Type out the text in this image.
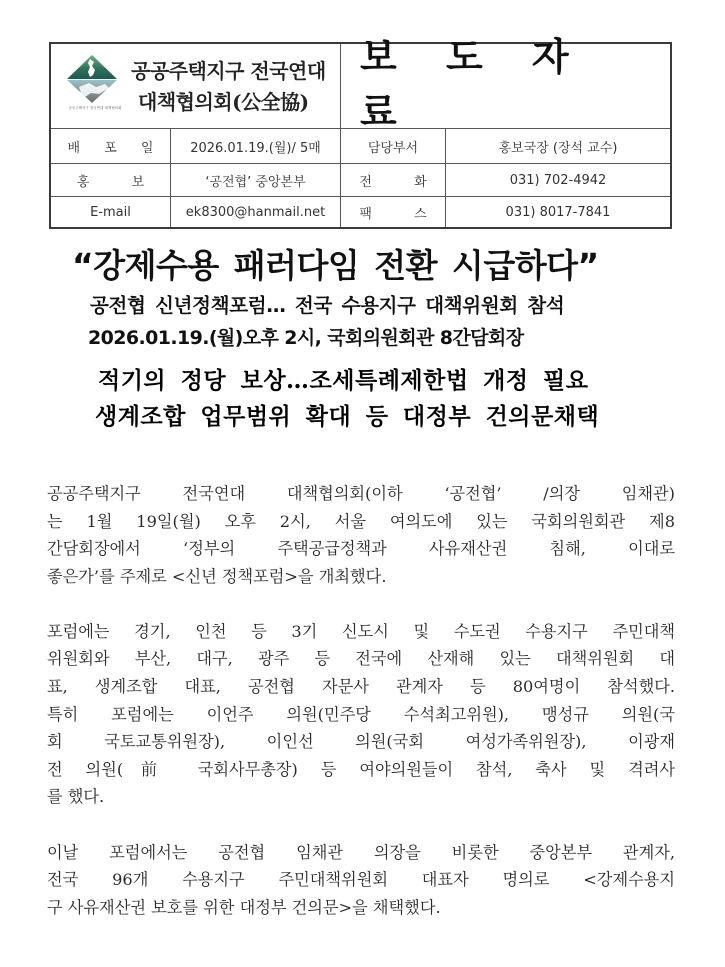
공공주택지구 전국연대 대책협의회
공공주택지구 전국연대
대책협의회(公全協)
보 도 자 료
배 포 일	2026.01.19.(월)/ 5매	담당부서	홍보국장 (장석 교수)
홍 보	‘공전협’ 중앙본부	전 화	031) 702-4942
E-mail	ek8300@hanmail.net	팩 스	031) 8017-7841
“강제수용 패러다임 전환 시급하다”
공전협 신년정책포럼… 전국 수용지구 대책위원회 참석
2026.01.19.(월)오후 2시, 국회의원회관 8간담회장
적기의 정당 보상…조세특례제한법 개정 필요
생계조합 업무범위 확대 등 대정부 건의문채택

공공주택지구 전국연대 대책협의회(이하 ‘공전협’ /의장 임채관)
는 1월 19일(월) 오후 2시, 서울 여의도에 있는 국회의원회관 제8
간담회장에서 ‘정부의 주택공급정책과 사유재산권 침해, 이대로
좋은가’를 주제로 <신년 정책포럼>을 개최했다.

포럼에는 경기, 인천 등 3기 신도시 및 수도권 수용지구 주민대책
위원회와 부산, 대구, 광주 등 전국에 산재해 있는 대책위원회 대
표, 생계조합 대표, 공전협 자문사 관계자 등 80여명이 참석했다.
특히 포럼에는 이언주 의원(민주당 수석최고위원), 맹성규 의원(국
회 국토교통위원장), 이인선 의원(국회 여성가족위원장), 이광재
전 의원(前 국회사무총장) 등 여야의원들이 참석, 축사 및 격려사
를 했다.

이날 포럼에서는 공전협 임채관 의장을 비롯한 중앙본부 관계자,
전국 96개 수용지구 주민대책위원회 대표자 명의로 <강제수용지
구 사유재산권 보호를 위한 대정부 건의문>을 채택했다.
